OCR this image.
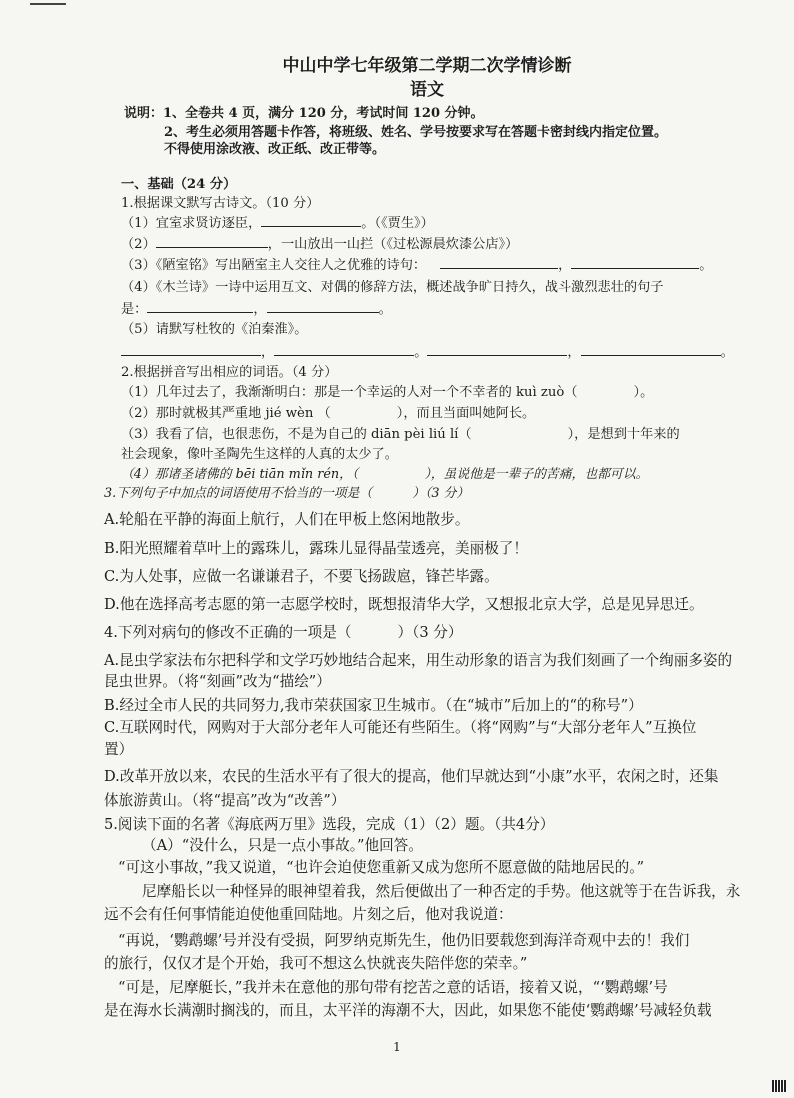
中山中学七年级第二学期二次学情诊断
语文
说明：1、全卷共 4 页，满分 120 分，考试时间 120 分钟。
2、考生必须用答题卡作答，将班级、姓名、学号按要求写在答题卡密封线内指定位置。
不得使用涂改液、改正纸、改正带等。
一、基础（24 分）
1.根据课文默写古诗文。（10 分）
（1）宜室求贤访逐臣，	。（《贾生》）
（2）	，一山放出一山拦（《过松源晨炊漆公店》）
（3）《陋室铭》写出陋室主人交往人之优雅的诗句：	，	。
（4）《木兰诗》一诗中运用互文、对偶的修辞方法，概述战争旷日持久，战斗激烈悲壮的句子
是：	，	。
（5）请默写杜牧的《泊秦淮》。
，	。	，	。
2.根据拼音写出相应的词语。（4 分）
（1）几年过去了，我渐渐明白：那是一个幸运的人对一个不幸者的 kuì zuò（	）。
（2）那时就极其严重地 jié wèn （	），而且当面叫她阿长。
（3）我看了信，也很悲伤，不是为自己的 diān pèi liú lí（	），是想到十年来的
社会现象，像叶圣陶先生这样的人真的太少了。
（4）那诸圣诸佛的 bēi tiān mǐn rén，（	），虽说他是一辈子的苦痛，也都可以。
3.下列句子中加点的词语使用不恰当的一项是（	）（3 分）
A.轮船在平静的海面上航行，人们在甲板上悠闲地散步。
B.阳光照耀着草叶上的露珠儿，露珠儿显得晶莹透亮，美丽极了！
C.为人处事，应做一名谦谦君子，不要飞扬跋扈，锋芒毕露。
D.他在选择高考志愿的第一志愿学校时，既想报清华大学，又想报北京大学，总是见异思迁。
4.下列对病句的修改不正确的一项是（	）（3 分）
A.昆虫学家法布尔把科学和文学巧妙地结合起来，用生动形象的语言为我们刻画了一个绚丽多姿的
昆虫世界。（将“刻画”改为“描绘”）
B.经过全市人民的共同努力,我市荣获国家卫生城市。（在“城市”后加上的“的称号”）
C.互联网时代，网购对于大部分老年人可能还有些陌生。（将“网购”与“大部分老年人”互换位
置）
D.改革开放以来，农民的生活水平有了很大的提高，他们早就达到“小康”水平，农闲之时，还集
体旅游黄山。（将“提高”改为“改善”）
5.阅读下面的名著《海底两万里》选段，完成（1）（2）题。（共4分）
（A）“没什么，只是一点小事故。”他回答。
“可这小事故，”我又说道，“也许会迫使您重新又成为您所不愿意做的陆地居民的。”
尼摩船长以一种怪异的眼神望着我，然后便做出了一种否定的手势。他这就等于在告诉我，永
远不会有任何事情能迫使他重回陆地。片刻之后，他对我说道：
“再说，‘鹦鹉螺’号并没有受损，阿罗纳克斯先生，他仍旧要载您到海洋奇观中去的！我们
的旅行，仅仅才是个开始，我可不想这么快就丧失陪伴您的荣幸。”
“可是，尼摩艇长，”我并未在意他的那句带有挖苦之意的话语，接着又说，“‘鹦鹉螺’号
是在海水长满潮时搁浅的，而且，太平洋的海潮不大，因此，如果您不能使‘鹦鹉螺’号减轻负载
1
